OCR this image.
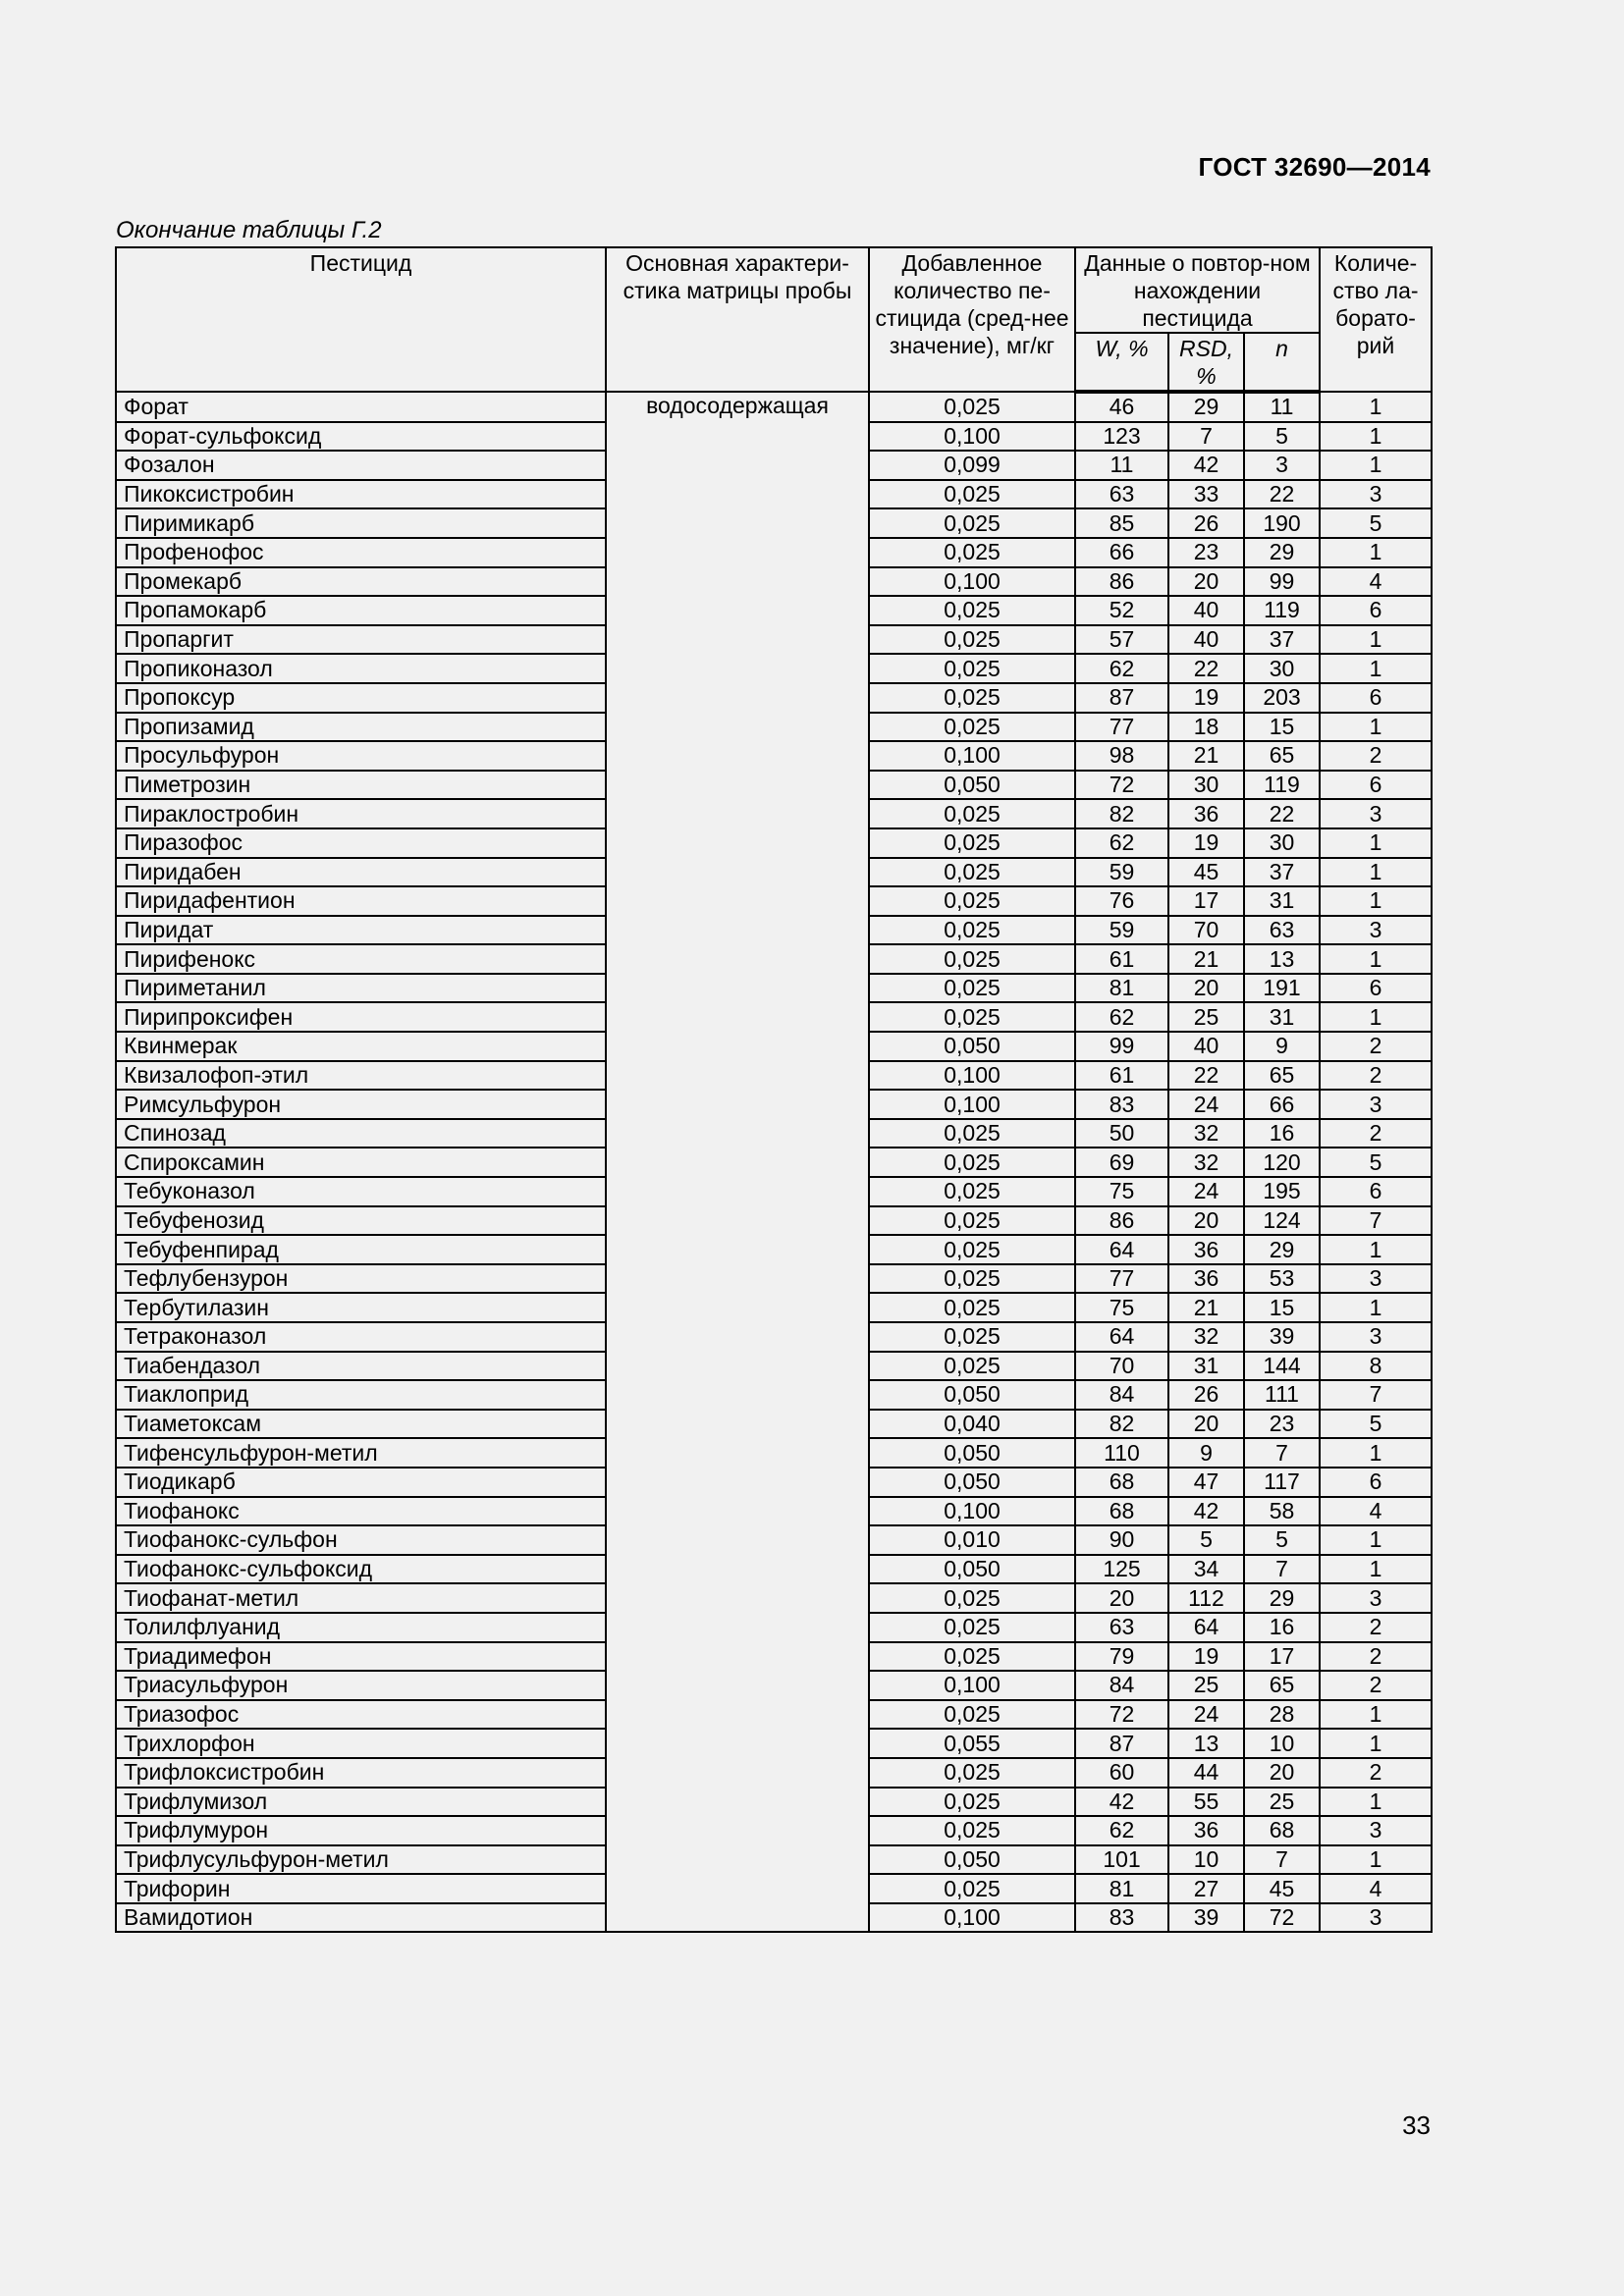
ГОСТ 32690—2014
Окончание таблицы Г.2
Пестицид	Основная характери-стика матрицы пробы	Добавленное количество пе-стицида (сред-нее значение), мг/кг	Данные о повтор-ном нахождении пестицида			Количе-ство ла-борато-рий
			W, %	RSD, %	n	
Форат	водосодержащая	0,025	46	29	11	1
Форат-сульфоксид		0,100	123	7	5	1
Фозалон		0,099	11	42	3	1
Пикоксистробин		0,025	63	33	22	3
Пиримикарб		0,025	85	26	190	5
Профенофос		0,025	66	23	29	1
Промекарб		0,100	86	20	99	4
Пропамокарб		0,025	52	40	119	6
Пропаргит		0,025	57	40	37	1
Пропиконазол		0,025	62	22	30	1
Пропоксур		0,025	87	19	203	6
Пропизамид		0,025	77	18	15	1
Просульфурон		0,100	98	21	65	2
Пиметрозин		0,050	72	30	119	6
Пираклостробин		0,025	82	36	22	3
Пиразофос		0,025	62	19	30	1
Пиридабен		0,025	59	45	37	1
Пиридафентион		0,025	76	17	31	1
Пиридат		0,025	59	70	63	3
Пирифенокс		0,025	61	21	13	1
Пириметанил		0,025	81	20	191	6
Пирипроксифен		0,025	62	25	31	1
Квинмерак		0,050	99	40	9	2
Квизалофоп-этил		0,100	61	22	65	2
Римсульфурон		0,100	83	24	66	3
Спинозад		0,025	50	32	16	2
Спироксамин		0,025	69	32	120	5
Тебуконазол		0,025	75	24	195	6
Тебуфенозид		0,025	86	20	124	7
Тебуфенпирад		0,025	64	36	29	1
Тефлубензурон		0,025	77	36	53	3
Тербутилазин		0,025	75	21	15	1
Тетраконазол		0,025	64	32	39	3
Тиабендазол		0,025	70	31	144	8
Тиаклоприд		0,050	84	26	111	7
Тиаметоксам		0,040	82	20	23	5
Тифенсульфурон-метил		0,050	110	9	7	1
Тиодикарб		0,050	68	47	117	6
Тиофанокс		0,100	68	42	58	4
Тиофанокс-сульфон		0,010	90	5	5	1
Тиофанокс-сульфоксид		0,050	125	34	7	1
Тиофанат-метил		0,025	20	112	29	3
Толилфлуанид		0,025	63	64	16	2
Триадимефон		0,025	79	19	17	2
Триасульфурон		0,100	84	25	65	2
Триазофос		0,025	72	24	28	1
Трихлорфон		0,055	87	13	10	1
Трифлоксистробин		0,025	60	44	20	2
Трифлумизол		0,025	42	55	25	1
Трифлумурон		0,025	62	36	68	3
Трифлусульфурон-метил		0,050	101	10	7	1
Трифорин		0,025	81	27	45	4
Вамидотион		0,100	83	39	72	3
33
